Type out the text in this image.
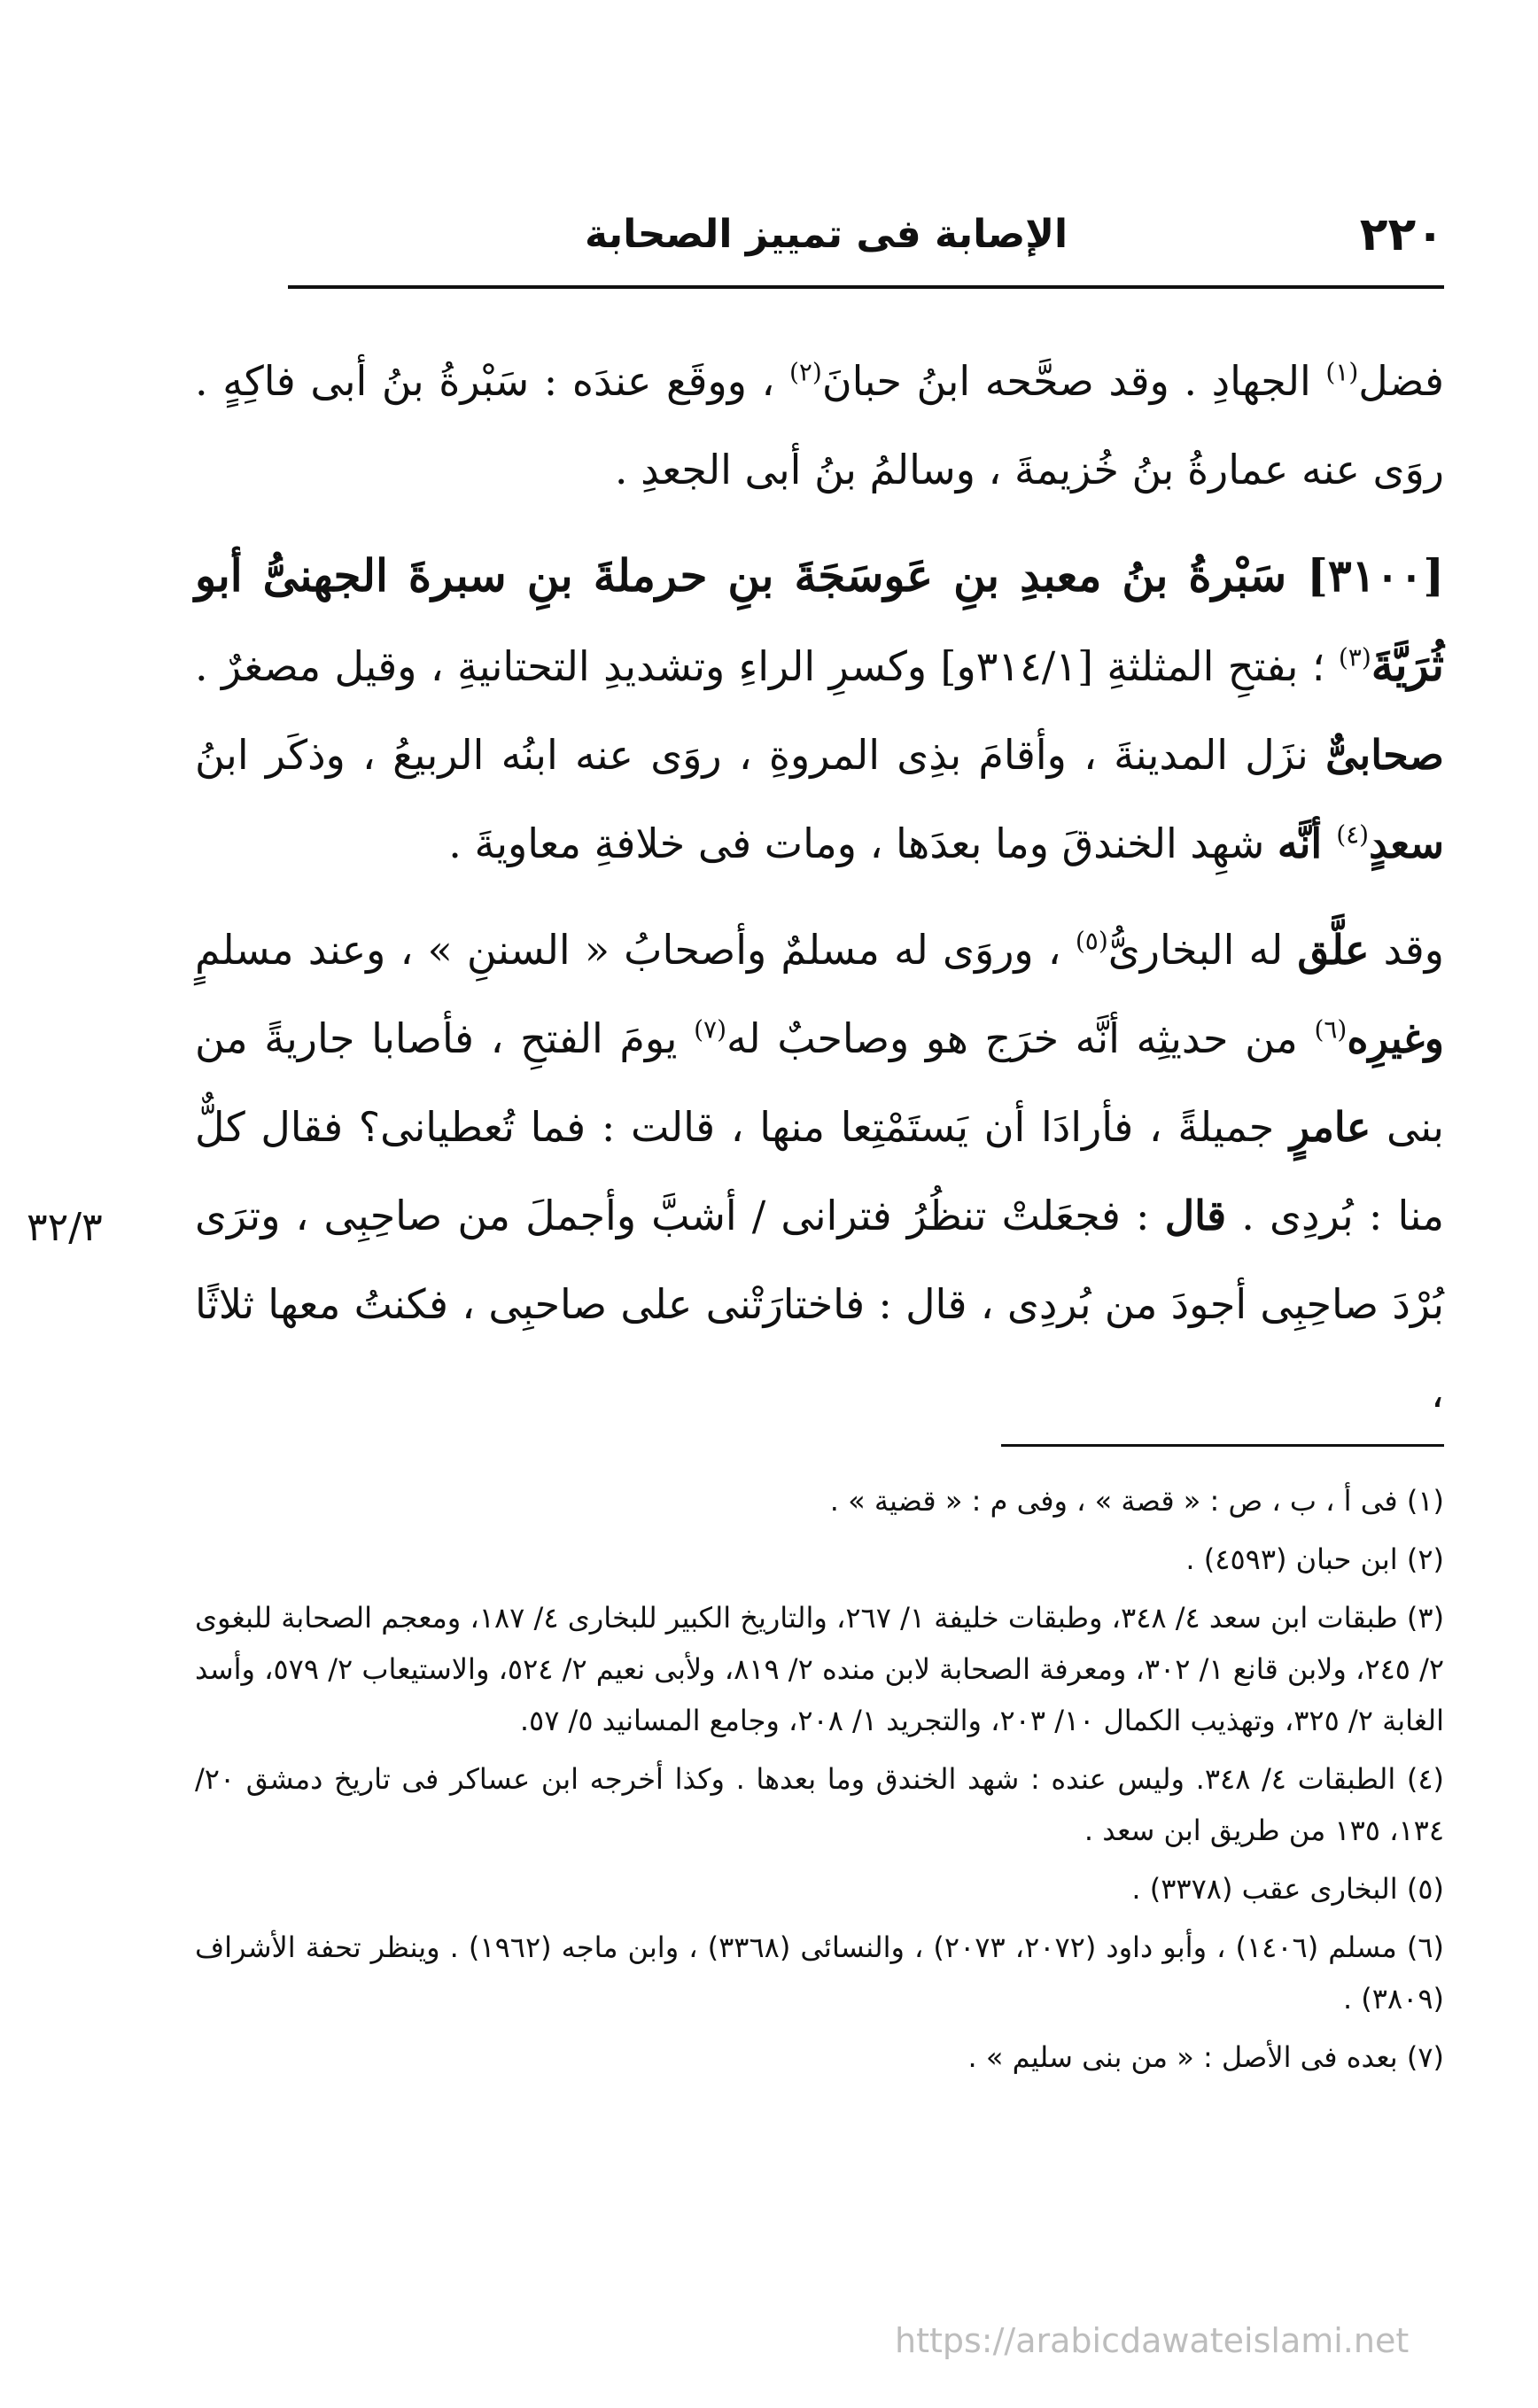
٢٢٠
الإصابة فى تمييز الصحابة

فضل$^{(١)}$ الجهادِ . وقد صحَّحه ابنُ حبانَ$^{(٢)}$ ، ووقَع عندَه : سَبْرةُ بنُ أبى فاكِهٍ . روَى عنه عمارةُ بنُ خُزيمةَ ، وسالمُ بنُ أبى الجعدِ .

[٣١٠٠] سَبْرةُ بنُ معبدِ بنِ عَوسَجَةَ بنِ حرملةَ بنِ سبرةَ الجهنىُّ أبو ثُرَيَّةَ$^{(٣)}$ ؛ بفتحِ المثلثةِ [٣١٤/١و] وكسرِ الراءِ وتشديدِ التحتانيةِ ، وقيل مصغرٌ . صحابىٌّ نزَل المدينةَ ، وأقامَ بذِى المروةِ ، روَى عنه ابنُه الربيعُ ، وذكَر ابنُ سعدٍ$^{(٤)}$ أنَّه شهِد الخندقَ وما بعدَها ، ومات فى خلافةِ معاويةَ .

وقد علَّق له البخارىُّ$^{(٥)}$ ، وروَى له مسلمٌ وأصحابُ « السننِ » ، وعند مسلمٍ وغيرِه$^{(٦)}$ من حديثِه أنَّه خرَج هو وصاحبٌ له$^{(٧)}$ يومَ الفتحِ ، فأصابا جاريةً من بنى عامرٍ جميلةً ، فأرادَا أن يَستَمْتِعا منها ، قالت : فما تُعطيانى؟ فقال كلٌّ منا : بُردِى . قال : فجعَلتْ تنظُرُ فترانى / أشبَّ وأجملَ من صاحِبِى ، وترَى بُرْدَ صاحِبِى أجودَ من بُردِى ، قال : فاختارَتْنى على صاحبِى ، فكنتُ معها ثلاثًا ،

٣٢/٣

(١) فى أ ، ب ، ص : « قصة » ، وفى م : « قضية » .

(٢) ابن حبان (٤٥٩٣) .

(٣) طبقات ابن سعد ٤/ ٣٤٨، وطبقات خليفة ١/ ٢٦٧، والتاريخ الكبير للبخارى ٤/ ١٨٧، ومعجم الصحابة للبغوى ٢/ ٢٤٥، ولابن قانع ١/ ٣٠٢، ومعرفة الصحابة لابن منده ٢/ ٨١٩، ولأبى نعيم ٢/ ٥٢٤، والاستيعاب ٢/ ٥٧٩، وأسد الغابة ٢/ ٣٢٥، وتهذيب الكمال ١٠/ ٢٠٣، والتجريد ١/ ٢٠٨، وجامع المسانيد ٥/ ٥٧.

(٤) الطبقات ٤/ ٣٤٨. وليس عنده : شهد الخندق وما بعدها . وكذا أخرجه ابن عساكر فى تاريخ دمشق ٢٠/ ١٣٤، ١٣٥ من طريق ابن سعد .

(٥) البخارى عقب (٣٣٧٨) .

(٦) مسلم (١٤٠٦) ، وأبو داود (٢٠٧٢، ٢٠٧٣) ، والنسائى (٣٣٦٨) ، وابن ماجه (١٩٦٢) . وينظر تحفة الأشراف (٣٨٠٩) .

(٧) بعده فى الأصل : « من بنى سليم » .

https://arabicdawateislami.net
